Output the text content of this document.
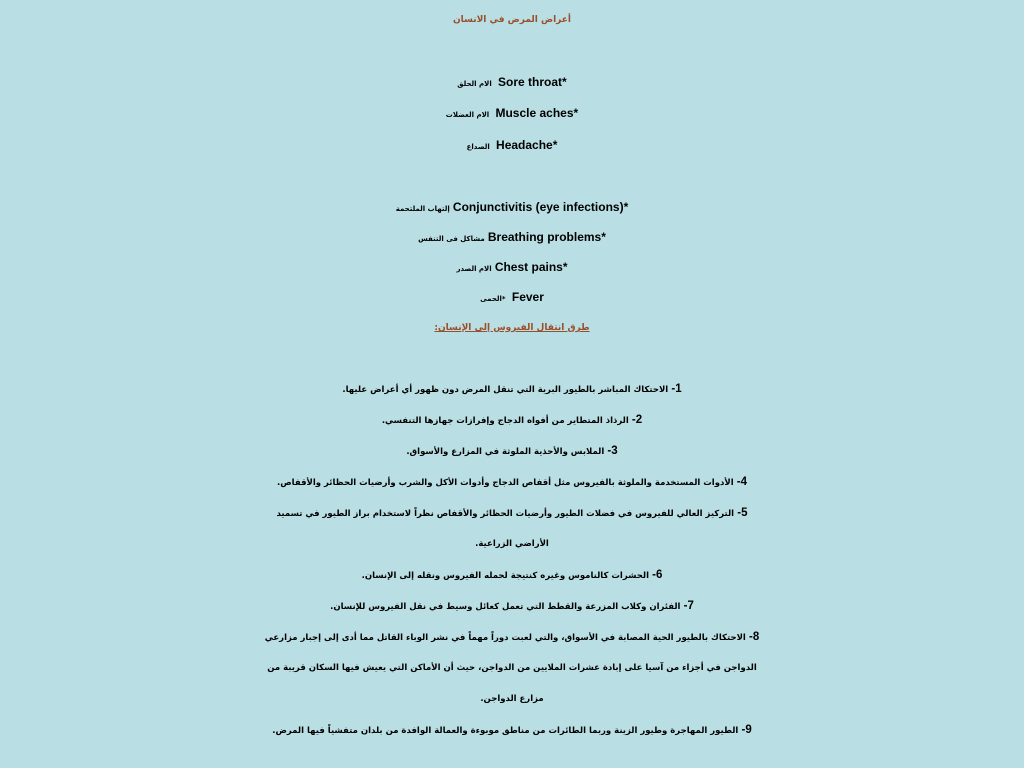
أعراض المرض في الانسان
الام الحلق Sore throat*
الام العضلات Muscle aches*
الصداع Headache*
إلتهاب الملتحمة Conjunctivitis (eye infections)*
مشاكل فى التنفس Breathing problems*
الام الصدر Chest pains*
*الحمى Fever
طرق انتقال الفيروس إلى الإنسان:
1- الاحتكاك المباشر بالطيور البرية التي تنقل المرض دون ظهور أي أعراض عليها.
2- الرذاذ المتطاير من أفواه الدجاج وإفرازات جهازها التنفسي.
3- الملابس والأحذية الملوثة في المزارع والأسواق.
4- الأدوات المستخدمة والملوثة بالفيروس مثل أقفاص الدجاج وأدوات الأكل والشرب وأرضيات الحظائر والأقفاص.
5- التركيز العالي للفيروس في فضلات الطيور وأرضيات الحظائر والأقفاص نظراً لاستخدام براز الطيور في تسميد
الأراضي الزراعية.
6- الحشرات كالناموس وغيره كنتيجة لحمله الفيروس ونقله إلى الإنسان.
7- الفئران وكلاب المزرعة والقطط التي تعمل كعائل وسيط في نقل الفيروس للإنسان.
8- الاحتكاك بالطيور الحية المصابة في الأسواق، والتي لعبت دوراً مهماً في نشر الوباء القاتل مما أدى إلى إجبار مزارعي
الدواجن في أجزاء من آسيا على إبادة عشرات الملايين من الدواجن، حيث أن الأماكن التي يعيش فيها السكان قريبة من
مزارع الدواجن.
9- الطيور المهاجرة وطيور الزينة وربما الطائرات من مناطق موبوءة والعمالة الوافدة من بلدان متفشياً فيها المرض.
